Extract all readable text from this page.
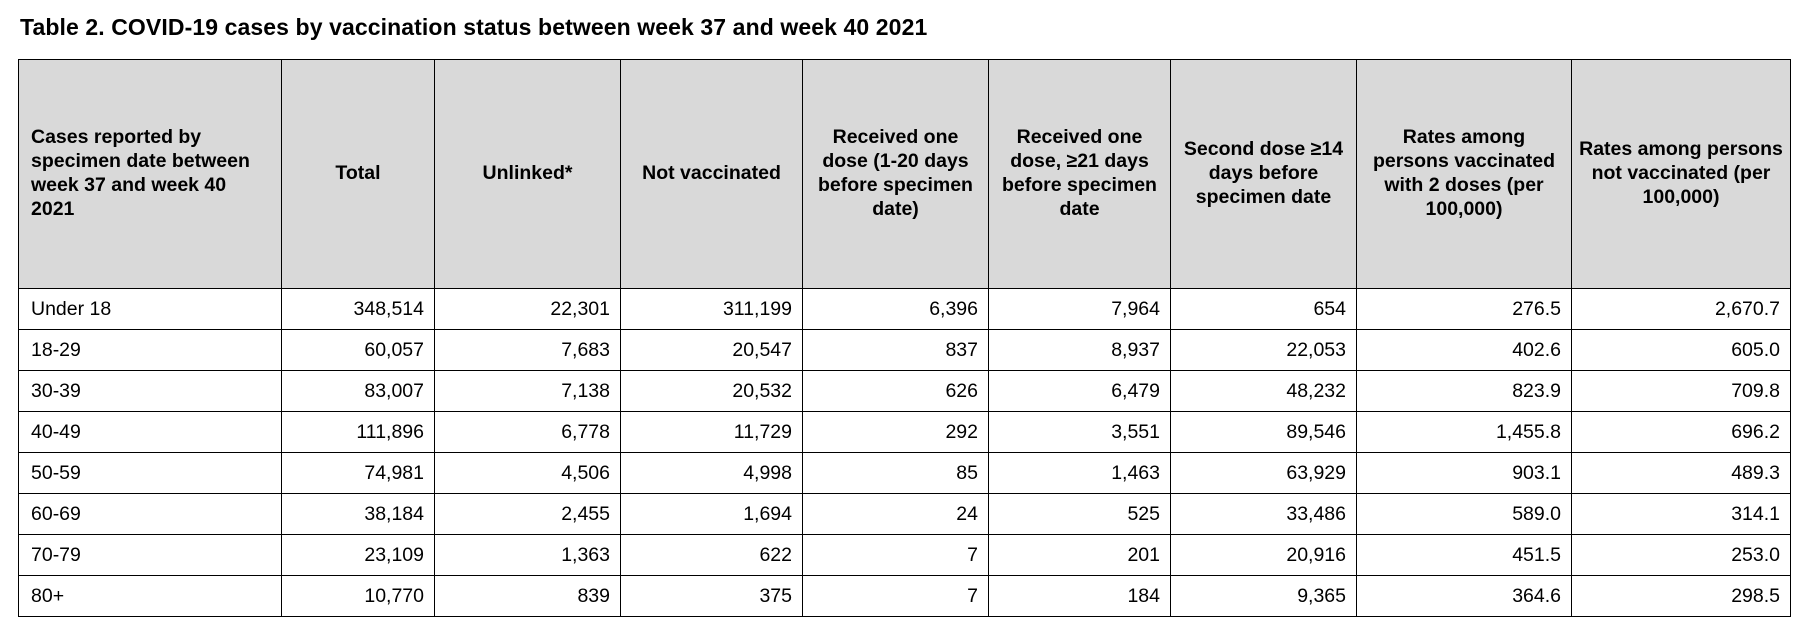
Table 2. COVID-19 cases by vaccination status between week 37 and week 40 2021
Cases reported by specimen date between week 37 and week 40 2021	Total	Unlinked*	Not vaccinated	Received one dose (1-20 days before specimen date)	Received one dose, ≥21 days before specimen date	Second dose ≥14 days before specimen date	Rates among persons vaccinated with 2 doses (per 100,000)	Rates among persons not vaccinated (per 100,000)
Under 18	348,514	22,301	311,199	6,396	7,964	654	276.5	2,670.7
18-29	60,057	7,683	20,547	837	8,937	22,053	402.6	605.0
30-39	83,007	7,138	20,532	626	6,479	48,232	823.9	709.8
40-49	111,896	6,778	11,729	292	3,551	89,546	1,455.8	696.2
50-59	74,981	4,506	4,998	85	1,463	63,929	903.1	489.3
60-69	38,184	2,455	1,694	24	525	33,486	589.0	314.1
70-79	23,109	1,363	622	7	201	20,916	451.5	253.0
80+	10,770	839	375	7	184	9,365	364.6	298.5
